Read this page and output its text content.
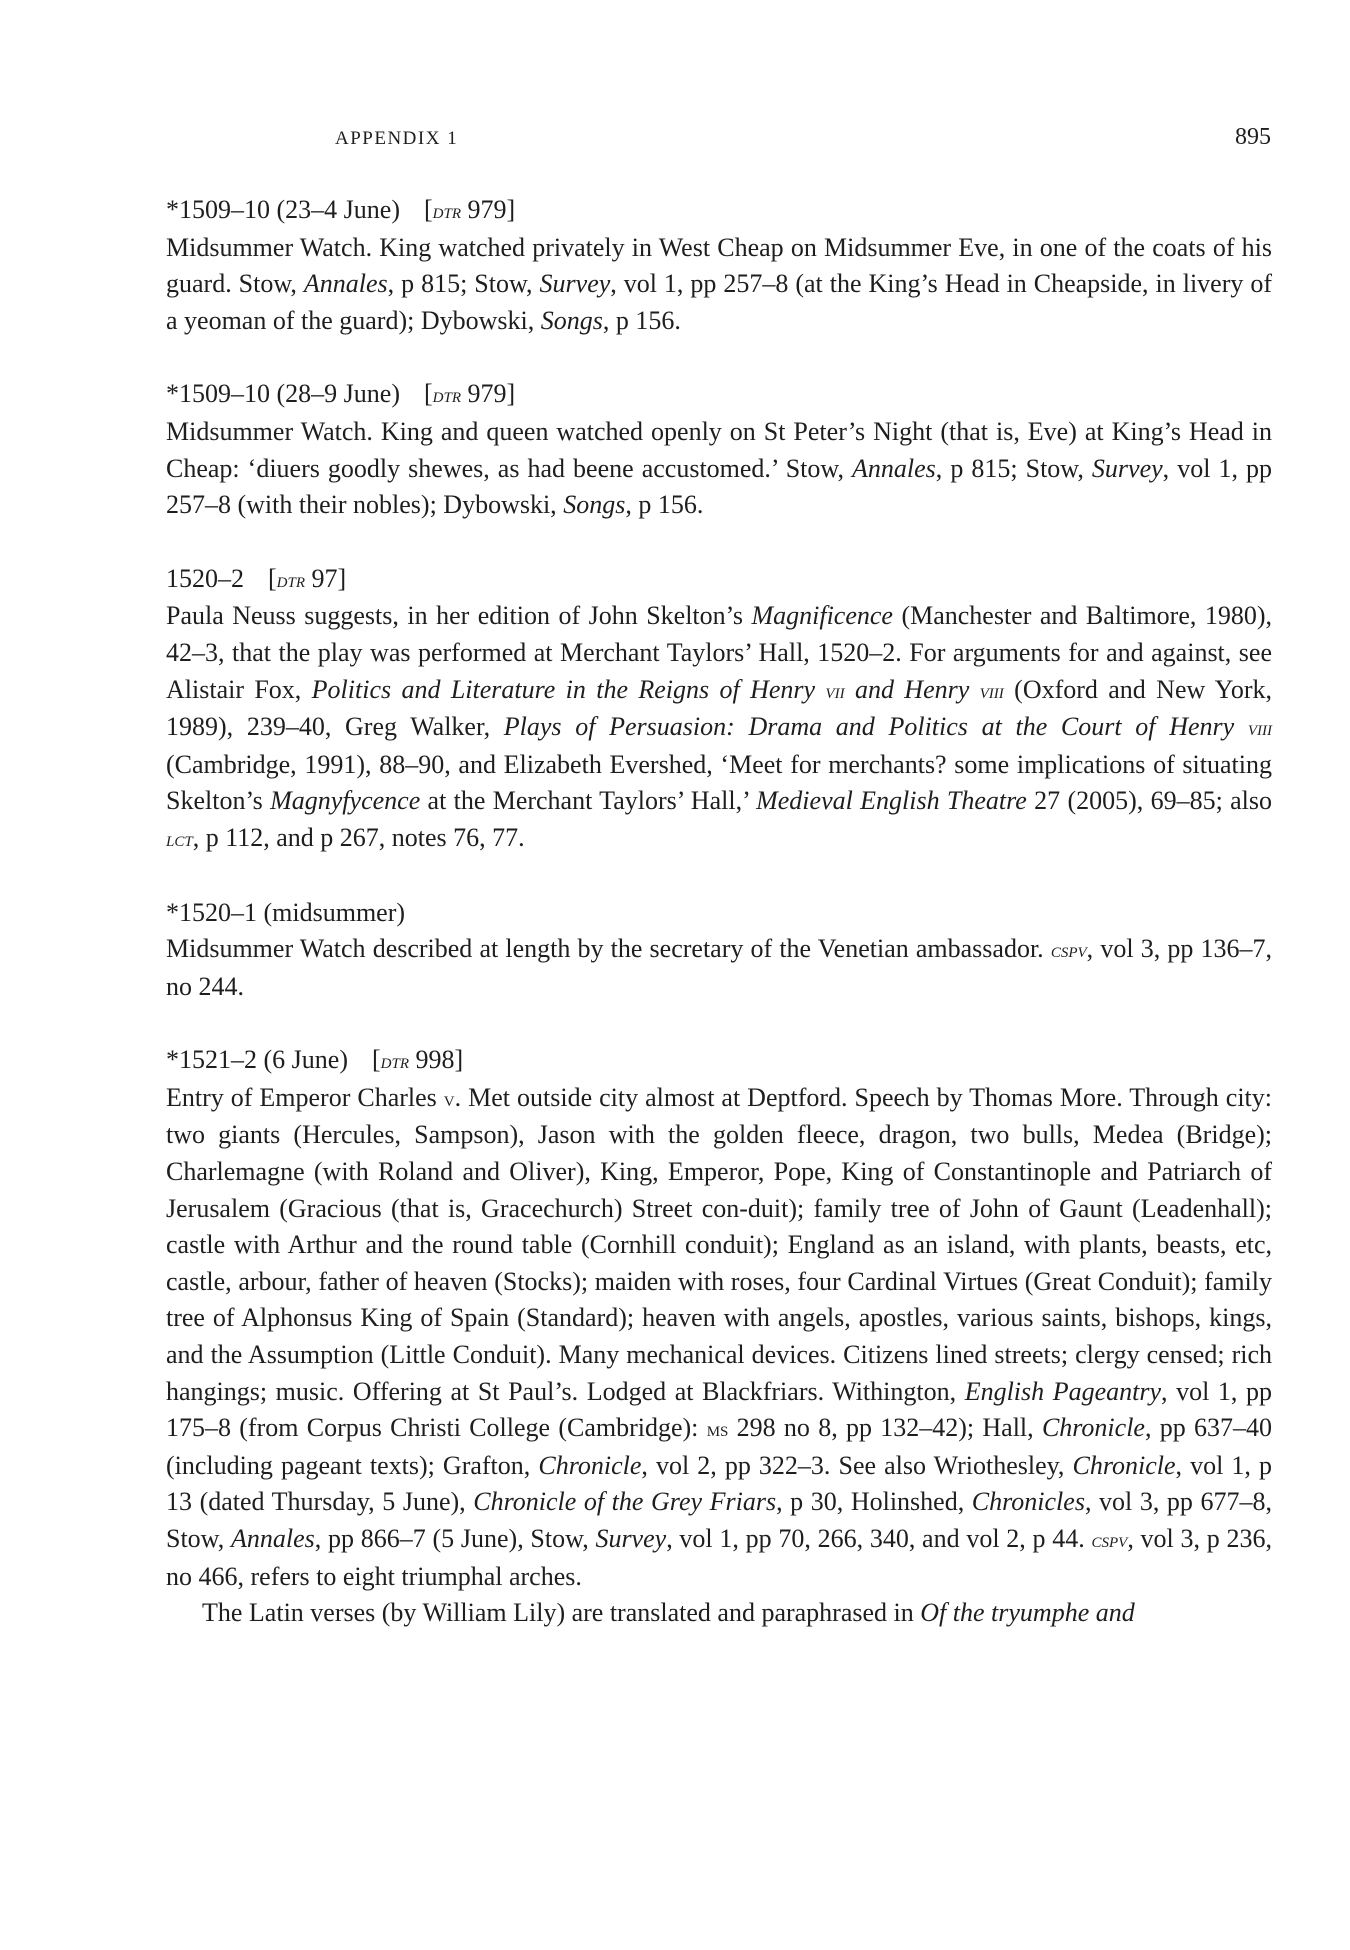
APPENDIX 1	895
*1509–10 (23–4 June) [dtr 979]

Midsummer Watch. King watched privately in West Cheap on Midsummer Eve, in one of the coats of his guard. Stow, Annales, p 815; Stow, Survey, vol 1, pp 257–8 (at the King’s Head in Cheapside, in livery of a yeoman of the guard); Dybowski, Songs, p 156.

*1509–10 (28–9 June) [dtr 979]

Midsummer Watch. King and queen watched openly on St Peter’s Night (that is, Eve) at King’s Head in Cheap: ‘diuers goodly shewes, as had beene accustomed.’ Stow, Annales, p 815; Stow, Survey, vol 1, pp 257–8 (with their nobles); Dybowski, Songs, p 156.

1520–2 [dtr 97]

Paula Neuss suggests, in her edition of John Skelton’s Magnificence (Manchester and Baltimore, 1980), 42–3, that the play was performed at Merchant Taylors’ Hall, 1520–2. For arguments for and against, see Alistair Fox, Politics and Literature in the Reigns of Henry vii and Henry viii (Oxford and New York, 1989), 239–40, Greg Walker, Plays of Persuasion: Drama and Politics at the Court of Henry viii (Cambridge, 1991), 88–90, and Elizabeth Evershed, ‘Meet for merchants? some implications of situating Skelton’s Magnyfycence at the Merchant Taylors’ Hall,’ Medieval English Theatre 27 (2005), 69–85; also lct, p 112, and p 267, notes 76, 77.

*1520–1 (midsummer)

Midsummer Watch described at length by the secretary of the Venetian ambassador. cspv, vol 3, pp 136–7, no 244.

*1521–2 (6 June) [dtr 998]

Entry of Emperor Charles v. Met outside city almost at Deptford. Speech by Thomas More. Through city: two giants (Hercules, Sampson), Jason with the golden fleece, dragon, two bulls, Medea (Bridge); Charlemagne (with Roland and Oliver), King, Emperor, Pope, King of Constantinople and Patriarch of Jerusalem (Gracious (that is, Gracechurch) Street con-duit); family tree of John of Gaunt (Leadenhall); castle with Arthur and the round table (Cornhill conduit); England as an island, with plants, beasts, etc, castle, arbour, father of heaven (Stocks); maiden with roses, four Cardinal Virtues (Great Conduit); family tree of Alphonsus King of Spain (Standard); heaven with angels, apostles, various saints, bishops, kings, and the Assumption (Little Conduit). Many mechanical devices. Citizens lined streets; clergy censed; rich hangings; music. Offering at St Paul’s. Lodged at Blackfriars. Withington, English Pageantry, vol 1, pp 175–8 (from Corpus Christi College (Cambridge): ms 298 no 8, pp 132–42); Hall, Chronicle, pp 637–40 (including pageant texts); Grafton, Chronicle, vol 2, pp 322–3. See also Wriothesley, Chronicle, vol 1, p 13 (dated Thursday, 5 June), Chronicle of the Grey Friars, p 30, Holinshed, Chronicles, vol 3, pp 677–8, Stow, Annales, pp 866–7 (5 June), Stow, Survey, vol 1, pp 70, 266, 340, and vol 2, p 44. cspv, vol 3, p 236, no 466, refers to eight triumphal arches.

The Latin verses (by William Lily) are translated and paraphrased in Of the tryumphe and
